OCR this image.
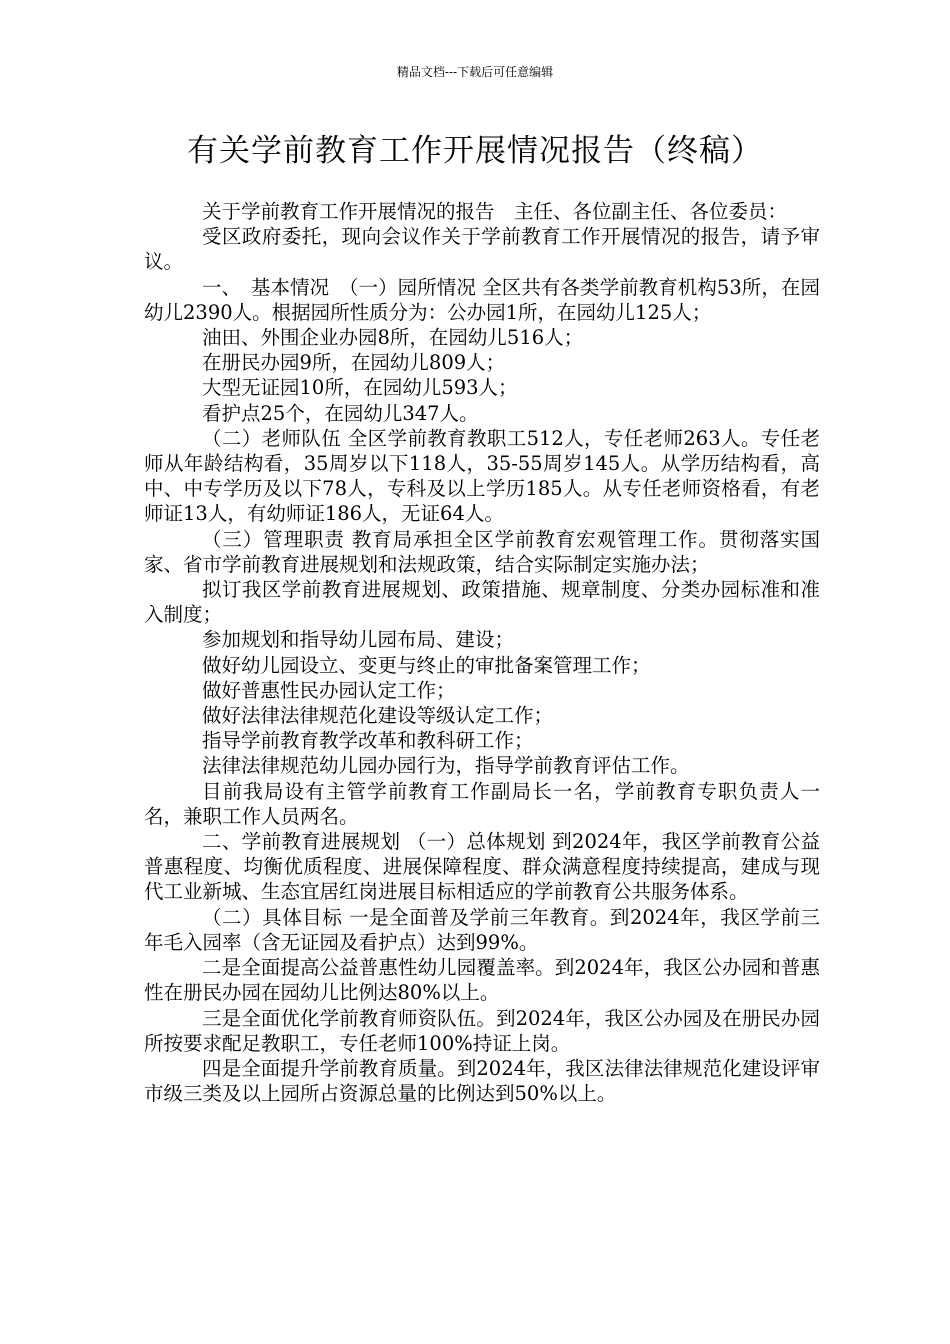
精品文档---下载后可任意编辑
有关学前教育工作开展情况报告（终稿）

关于学前教育工作开展情况的报告　主任、各位副主任、各位委员：

受区政府委托，现向会议作关于学前教育工作开展情况的报告，请予审议。

一、　基本情况　（一）园所情况 全区共有各类学前教育机构53所，在园幼儿2390人。根据园所性质分为：公办园1所，在园幼儿125人；

油田、外围企业办园8所，在园幼儿516人；

在册民办园9所，在园幼儿809人；

大型无证园10所，在园幼儿593人；

看护点25个，在园幼儿347人。

（二）老师队伍 全区学前教育教职工512人，专任老师263人。专任老师从年龄结构看，35周岁以下118人，35-55周岁145人。从学历结构看，高中、中专学历及以下78人，专科及以上学历185人。从专任老师资格看，有老师证13人，有幼师证186人，无证64人。

（三）管理职责 教育局承担全区学前教育宏观管理工作。贯彻落实国家、省市学前教育进展规划和法规政策，结合实际制定实施办法；

拟订我区学前教育进展规划、政策措施、规章制度、分类办园标准和准入制度；

参加规划和指导幼儿园布局、建设；

做好幼儿园设立、变更与终止的审批备案管理工作；

做好普惠性民办园认定工作；

做好法律法律规范化建设等级认定工作；

指导学前教育教学改革和教科研工作；

法律法律规范幼儿园办园行为，指导学前教育评估工作。

目前我局设有主管学前教育工作副局长一名，学前教育专职负责人一名，兼职工作人员两名。

二、学前教育进展规划 （一）总体规划 到2024年，我区学前教育公益普惠程度、均衡优质程度、进展保障程度、群众满意程度持续提高，建成与现代工业新城、生态宜居红岗进展目标相适应的学前教育公共服务体系。

（二）具体目标 一是全面普及学前三年教育。到2024年，我区学前三年毛入园率（含无证园及看护点）达到99%。

二是全面提高公益普惠性幼儿园覆盖率。到2024年，我区公办园和普惠性在册民办园在园幼儿比例达80%以上。

三是全面优化学前教育师资队伍。到2024年，我区公办园及在册民办园所按要求配足教职工，专任老师100%持证上岗。

四是全面提升学前教育质量。到2024年，我区法律法律规范化建设评审市级三类及以上园所占资源总量的比例达到50%以上。
